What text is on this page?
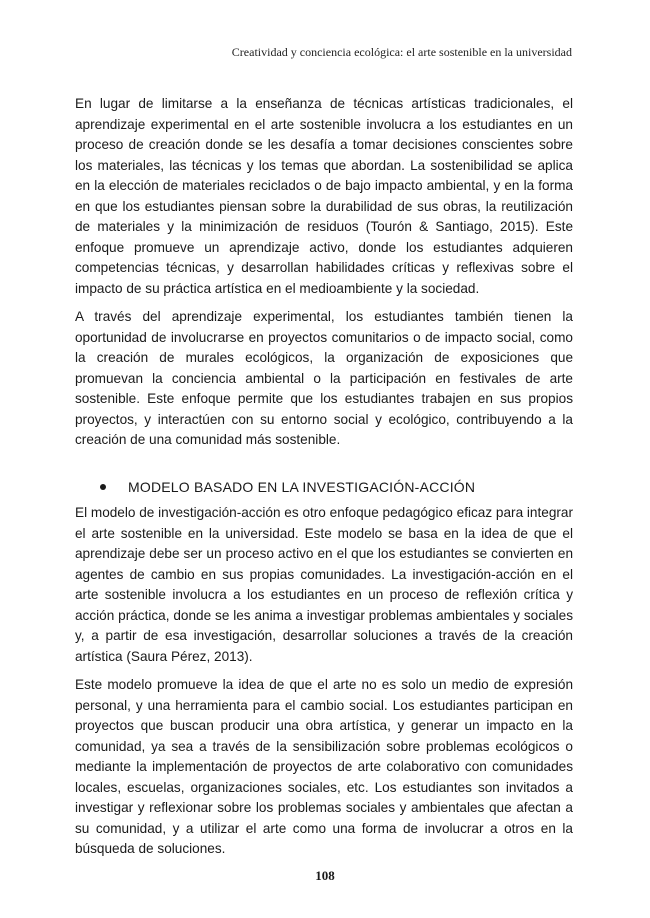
Creatividad y conciencia ecológica: el arte sostenible en la universidad

En lugar de limitarse a la enseñanza de técnicas artísticas tradicionales, el aprendizaje experimental en el arte sostenible involucra a los estudiantes en un proceso de creación donde se les desafía a tomar decisiones conscientes sobre los materiales, las técnicas y los temas que abordan. La sostenibilidad se aplica en la elección de materiales reciclados o de bajo impacto ambiental, y en la forma en que los estudiantes piensan sobre la durabilidad de sus obras, la reutilización de materiales y la minimización de residuos (Tourón & Santiago, 2015). Este enfoque promueve un aprendizaje activo, donde los estudiantes adquieren competencias técnicas, y desarrollan habilidades críticas y reflexivas sobre el impacto de su práctica artística en el medioambiente y la sociedad.

A través del aprendizaje experimental, los estudiantes también tienen la oportunidad de involucrarse en proyectos comunitarios o de impacto social, como la creación de murales ecológicos, la organización de exposiciones que promuevan la conciencia ambiental o la participación en festivales de arte sostenible. Este enfoque permite que los estudiantes trabajen en sus propios proyectos, y interactúen con su entorno social y ecológico, contribuyendo a la creación de una comunidad más sostenible.

MODELO BASADO EN LA INVESTIGACIÓN-ACCIÓN

El modelo de investigación-acción es otro enfoque pedagógico eficaz para integrar el arte sostenible en la universidad. Este modelo se basa en la idea de que el aprendizaje debe ser un proceso activo en el que los estudiantes se convierten en agentes de cambio en sus propias comunidades. La investigación-acción en el arte sostenible involucra a los estudiantes en un proceso de reflexión crítica y acción práctica, donde se les anima a investigar problemas ambientales y sociales y, a partir de esa investigación, desarrollar soluciones a través de la creación artística (Saura Pérez, 2013).

Este modelo promueve la idea de que el arte no es solo un medio de expresión personal, y una herramienta para el cambio social. Los estudiantes participan en proyectos que buscan producir una obra artística, y generar un impacto en la comunidad, ya sea a través de la sensibilización sobre problemas ecológicos o mediante la implementación de proyectos de arte colaborativo con comunidades locales, escuelas, organizaciones sociales, etc. Los estudiantes son invitados a investigar y reflexionar sobre los problemas sociales y ambientales que afectan a su comunidad, y a utilizar el arte como una forma de involucrar a otros en la búsqueda de soluciones.

108
